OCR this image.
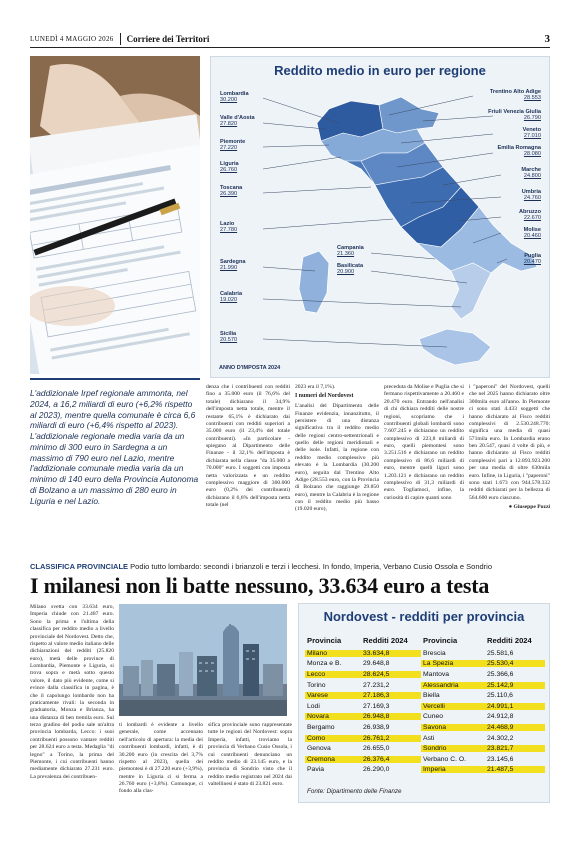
LUNEDÌ 4 MAGGIO 2026 Corriere dei Territori	3
Reddito medio in euro per regione
Lombardia
30.200
Valle d'Aosta
27.820
Piemonte
27.220
Liguria
26.760
Toscana
26.390
Lazio
27.780
Sardegna
21.990
Calabria
19.020
Sicilia
20.570
Trentino Alto Adige
28.553
Friuli Venezia Giulia
26.790
Veneto
27.010
Emilia Romagna
28.080
Marche
24.800
Umbria
24.760
Abruzzo
22.670
Molise
20.460
Puglia
20.470
Campania
21.360
Basilicata
20.900
ANNO D'IMPOSTA 2024
L'addizionale Irpef regionale ammonta, nel 2024, a 16,2 miliardi di euro (+6,2% rispetto al 2023), mentre quella comunale è circa 6,6 miliardi di euro (+6,4% rispetto al 2023). L'addizionale regionale media varia da un minimo di 300 euro in Sardegna a un massimo di 790 euro nel Lazio, mentre l'addizionale comunale media varia da un minimo di 140 euro della Provincia Autonoma di Bolzano a un massimo di 280 euro in Liguria e nel Lazio.

denza che i contribuenti con redditi fino a 35.000 euro (il 76,6% del totale) dichiarano il 34,9% dell'imposta netta totale, mentre il restante 65,1% è dichiarato dai contribuenti con redditi superiori a 35.000 euro (il 23,4% del totale contribuenti). «In particolare - spiegano al Dipartimento delle Finanze - il 32,1% dell'imposta è dichiarata nella classe "da 35.000 a 70.000" euro. I soggetti con imposta netta valorizzata e un reddito complessivo maggiore di 300.000 euro (0,2% dei contribuenti) dichiarano il 6,6% dell'imposta netta totale (nel

2023 era il 7,1%).

I numeri del Nordovest

L'analisi del Dipartimento delle Finanze evidenzia, innanzitutto, il persistere di una distanza significativa tra il reddito medio delle regioni centro-settentrionali e quello delle regioni meridionali e delle isole. Infatti, la regione con reddito medio complessivo più elevato è la Lombardia (30.200 euro), seguita dal Trentino Alto Adige (28.553 euro, con la Provincia di Bolzano che raggiunge 29.850 euro), mentre la Calabria è la regione con il reddito medio più basso (19.020 euro),

preceduta da Molise e Puglia che si fermano rispettivamente a 20.460 e 20.470 euro. Entrando nell'analisi di chi dichiara redditi delle nostre regioni, scopriamo che i contribuenti globali lombardi sono 7.607.245 e dichiarano un reddito complessivo di 223,8 miliardi di euro, quelli piemontesi sono 3.251.516 e dichiarano un reddito complessivo di 86,6 miliardi di euro, mentre quelli liguri sono 1.203.121 e dichiarano un reddito complessivo di 31,3 miliardi di euro. Togliamoci, infine, la curiosità di capire quanti sono

i "paperoni" del Nordovest, quelli che nel 2025 hanno dichiarato oltre 300mila euro all'anno. In Piemonte ci sono stati 4.433 soggetti che hanno dichiarato al Fisco redditi complessivi di 2.530.248.770: significa una media di quasi 571mila euro. In Lombardia erano ben 20.547, quasi 4 volte di più, e hanno dichiarato al Fisco redditi complessivi pari a 12.893.923.200 per una media di oltre 630mila euro. Infine, in Liguria, i "paperoni" sono stati 1.673 con 944.578.332 redditi dichiarati per la bellezza di 564.600 euro ciascuno.

● Giuseppe Pozzi
CLASSIFICA PROVINCIALE Podio tutto lombardo: secondi i brianzoli e terzi i lecchesi. In fondo, Imperia, Verbano Cusio Ossola e Sondrio
I milanesi non li batte nessuno, 33.634 euro a testa

Milano svetta con 33.634 euro, Imperia chiude con 21.487 euro. Sono la prima e l'ultima della classifica per reddito medio a livello provinciale del Nordovest. Detto che, rispetto al valore medio italiano delle dichiarazioni dei redditi (25.820 euro), metà delle province di Lombardia, Piemonte e Liguria, si trova sopra e metà sotto questo valore, il dato più evidente, come si evince dalla classifica in pagina, è che il capolungo lombardo non ha praticamente rivali: la seconda in graduatoria, Monza e Brianza, ha una distanza di ben tremila euro. Sul terzo gradino del podio sale un'altra provincia lombarda, Lecco: i suoi contribuenti possono vantare redditi per 28.624 euro a testa. Medaglia "di legno" a Torino, la prima del Piemonte, i cui contribuenti hanno mediamente dichiarato 27.231 euro. La prevalenza dei contribuen-

ti lombardi è evidente a livello generale, come accennato nell'articolo di apertura: la media dei contribuenti lombardi, infatti, è di 30.200 euro (in crescita del 3,7% rispetto al 2023), quella dei piemontesi è di 27.220 euro (+3,9%), mentre in Liguria ci si ferma a 26.760 euro (+3,8%). Comunque, ci fondo alla clas-

sifica provinciale sono rappresentate tutte le regioni del Nordovest: sopra Imperia, infatti, troviamo la provincia di Verbano Cusio Ossola, i cui contribuenti denunciano un reddito medio di 23.145 euro, e la provincia di Sondrio visto che il reddito medio registrato nel 2024 dai valtellinesi è stato di 23.821 euro.

Nordovest - redditi per provincia
Provincia	Redditi 2024	Provincia	Redditi 2024
Milano	33.634,8	Brescia	25.581,6
Monza e B.	29.648,8	La Spezia	25.530,4
Lecco	28.624,5	Mantova	25.366,6
Torino	27.231,2	Alessandria	25.142,9
Varese	27.186,3	Biella	25.110,6
Lodi	27.169,3	Vercelli	24.991,1
Novara	26.948,8	Cuneo	24.912,8
Bergamo	26.938,9	Savona	24.468,9
Como	26.761,2	Asti	24.302,2
Genova	26.655,0	Sondrio	23.821,7
Cremona	26.376,4	Verbano C. O.	23.145,6
Pavia	26.290,0	Imperia	21.487,5
Fonte: Dipartimento delle Finanze
